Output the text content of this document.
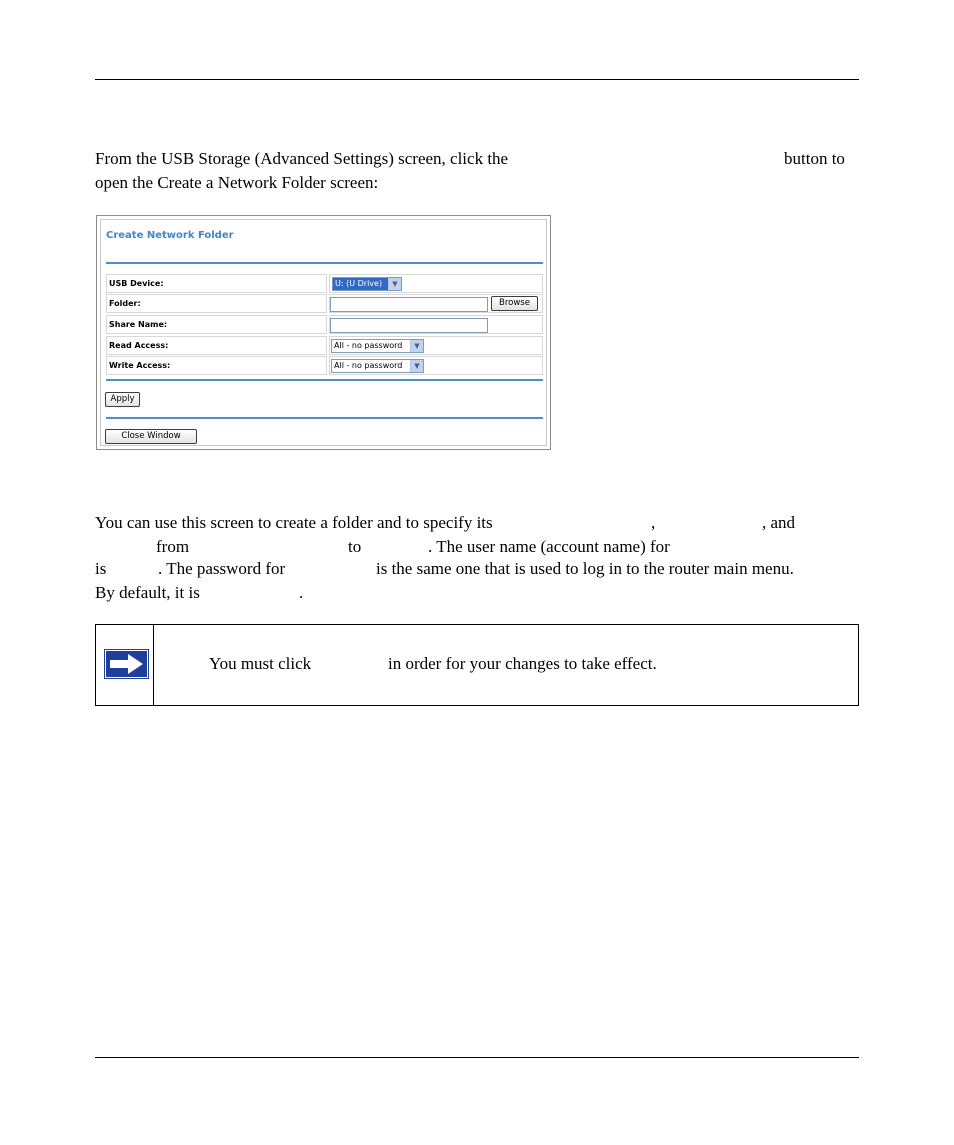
From the USB Storage (Advanced Settings) screen, click the	button to
open the Create a Network Folder screen:
Create Network Folder
USB Device:	U: (U Drive)	▼
Folder:	Browse
Share Name:
Read Access:	All - no password	▼
Write Access:	All - no password	▼
Apply
Close Window
You can use this screen to create a folder and to specify its	,	, and
from	to	. The user name (account name) for
is	. The password for	is the same one that is used to log in to the router main menu.
By default, it is	.
You must click	in order for your changes to take effect.
